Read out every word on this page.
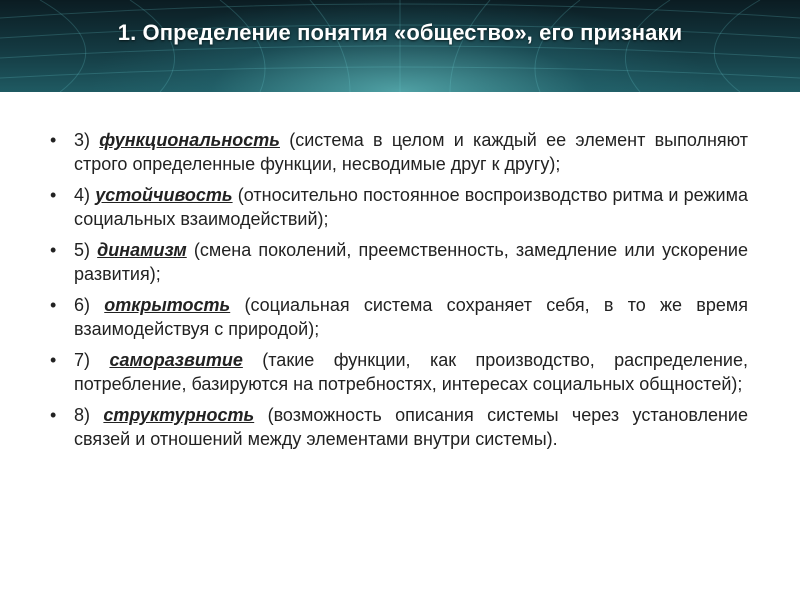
1. Определение понятия «общество», его признаки
• 3) функциональность (система в целом и каждый ее элемент выполняют строго определенные функции, несводимые друг к другу);
• 4) устойчивость (относительно постоянное воспроизводство ритма и режима социальных взаимодействий);
• 5) динамизм (смена поколений, преемственность, замедление или ускорение развития);
• 6) открытость (социальная система сохраняет себя, в то же время взаимодействуя с природой);
• 7) саморазвитие (такие функции, как производство, распределение, потребление, базируются на потребностях, интересах социальных общностей);
• 8) структурность (возможность описания системы через установление связей и отношений между элементами внутри системы).
